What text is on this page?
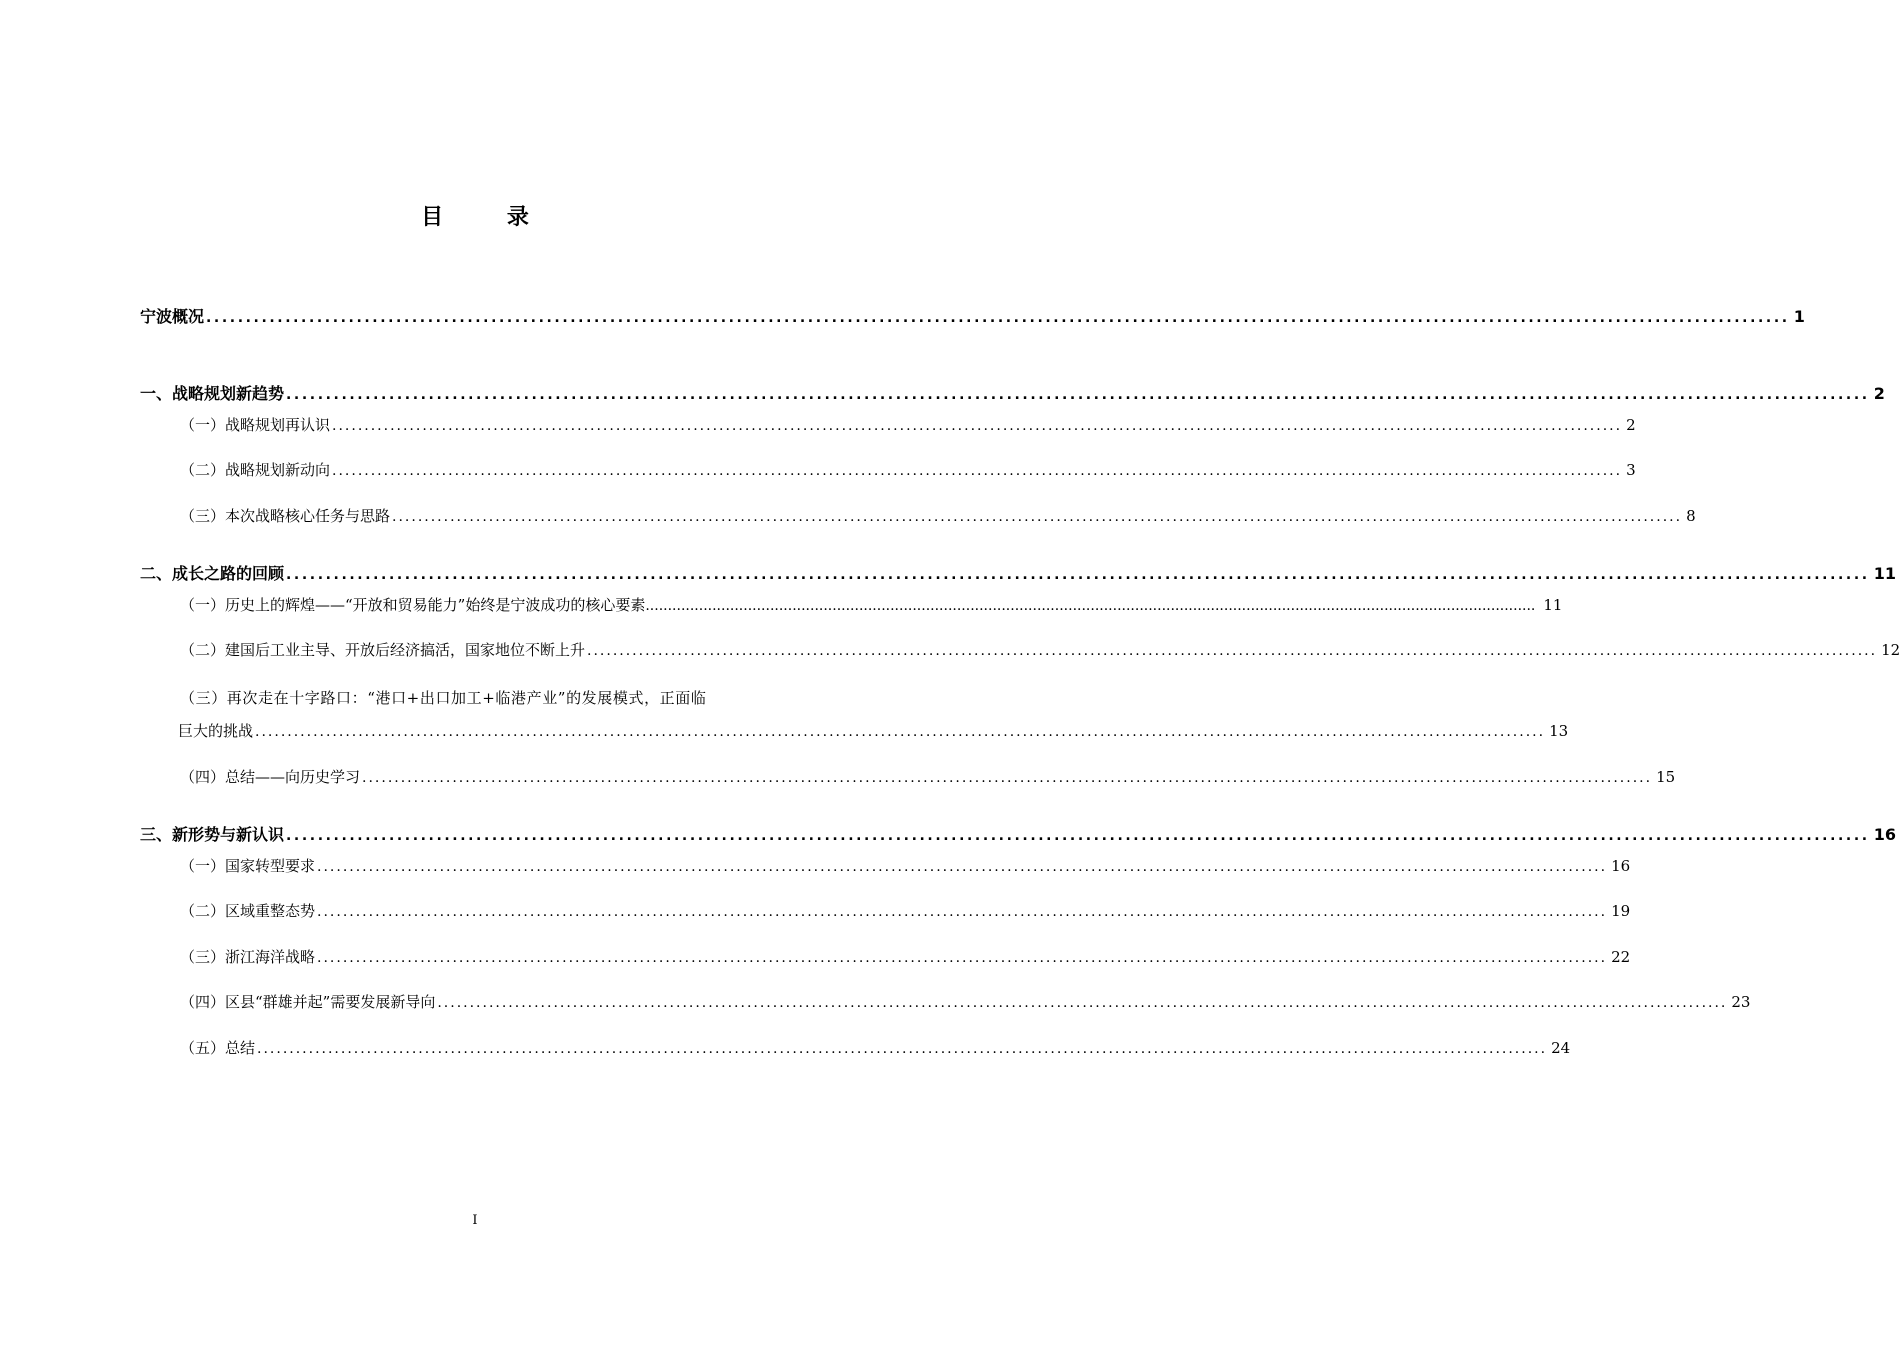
目 录
宁波概况 ........................................................................................................................................................................................................ 1
一、战略规划新趋势 ........................................................................................................................................................................................................ 2
（一）战略规划再认识 ........................................................................................................................................................................................................ 2
（二）战略规划新动向 ........................................................................................................................................................................................................ 3
（三）本次战略核心任务与思路 ........................................................................................................................................................................................................ 8
二、成长之路的回顾 ........................................................................................................................................................................................................ 11
（一）历史上的辉煌——“开放和贸易能力”始终是宁波成功的核心要素 ........................................................................................................................................................................................................ 11
（二）建国后工业主导、开放后经济搞活，国家地位不断上升 ........................................................................................................................................................................................................ 12
（三）再次走在十字路口：“港口+出口加工+临港产业”的发展模式，正面临
巨大的挑战 ........................................................................................................................................................................................................ 13
（四）总结——向历史学习 ........................................................................................................................................................................................................ 15
三、新形势与新认识 ........................................................................................................................................................................................................ 16
（一）国家转型要求 ........................................................................................................................................................................................................ 16
（二）区域重整态势 ........................................................................................................................................................................................................ 19
（三）浙江海洋战略 ........................................................................................................................................................................................................ 22
（四）区县“群雄并起”需要发展新导向 ........................................................................................................................................................................................................ 23
（五）总结 ........................................................................................................................................................................................................ 24
I
